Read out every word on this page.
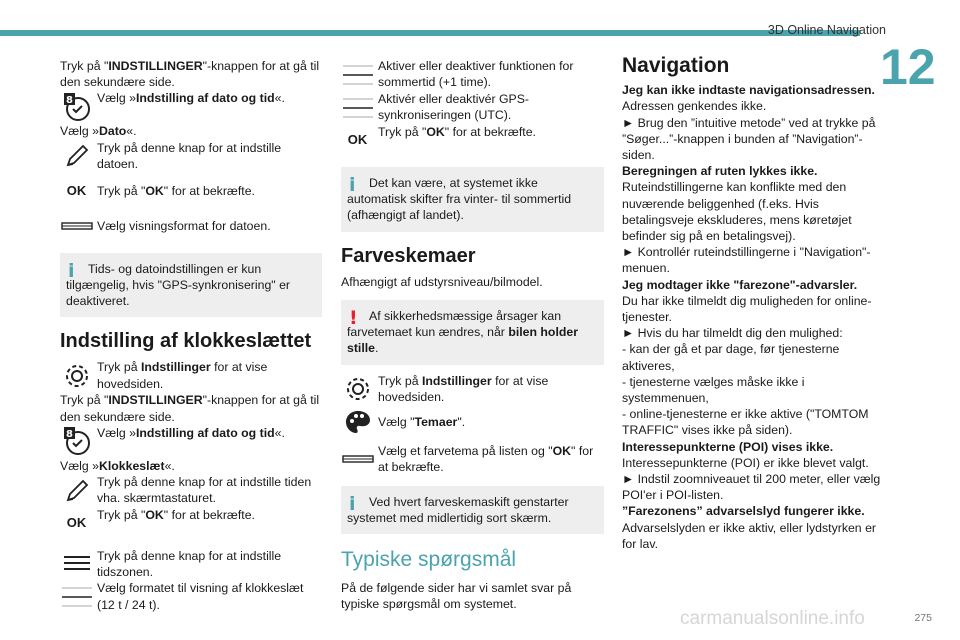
3D Online Navigation
12

Tryk på "INDSTILLINGER"-knappen for at gå til den sekundære side.

8 Vælg »Indstilling af dato og tid«.

Vælg »Dato«.

Tryk på denne knap for at indstille datoen.
OK Tryk på "OK" for at bekræfte.
Vælg visningsformat for datoen.
i	Tids- og datoindstillingen er kun tilgængelig, hvis "GPS-synkronisering" er deaktiveret.
Indstilling af klokkeslættet
Tryk på Indstillinger for at vise hovedsiden.

Tryk på "INDSTILLINGER"-knappen for at gå til den sekundære side.

8 Vælg »Indstilling af dato og tid«.

Vælg »Klokkeslæt«.

Tryk på denne knap for at indstille tiden vha. skærmtastaturet.
OK
Tryk på "OK" for at bekræfte.
Tryk på denne knap for at indstille tidszonen.
Vælg formatet til visning af klokkeslæt (12 t / 24 t).
Aktiver eller deaktiver funktionen for sommertid (+1 time).
Aktivér eller deaktivér GPS-synkroniseringen (UTC).
OK
Tryk på "OK" for at bekræfte.
i	Det kan være, at systemet ikke automatisk skifter fra vinter- til sommertid (afhængigt af landet).
Farveskemaer

Afhængigt af udstyrsniveau/bilmodel.

! Af sikkerhedsmæssige årsager kan farvetemaet kun ændres, når bilen holder stille.
Tryk på Indstillinger for at vise hovedsiden.
Vælg "Temaer".
Vælg et farvetema på listen og "OK" for at bekræfte.
i	Ved hvert farveskemaskift genstarter systemet med midlertidig sort skærm.
Typiske spørgsmål

På de følgende sider har vi samlet svar på typiske spørgsmål om systemet.

Navigation

Jeg kan ikke indtaste navigationsadressen.

Adressen genkendes ikke.

► Brug den ”intuitive metode” ved at trykke på ”Søger...”-knappen i bunden af ”Navigation”-siden.

Beregningen af ruten lykkes ikke.

Ruteindstillingerne kan konflikte med den nuværende beliggenhed (f.eks. Hvis betalingsveje ekskluderes, mens køretøjet befinder sig på en betalingsvej).

► Kontrollér ruteindstillingerne i "Navigation"-menuen.

Jeg modtager ikke "farezone"-advarsler.

Du har ikke tilmeldt dig muligheden for online-tjenester.

► Hvis du har tilmeldt dig den mulighed:

- kan der gå et par dage, før tjenesterne aktiveres,

- tjenesterne vælges måske ikke i systemmenuen,

- online-tjenesterne er ikke aktive ("TOMTOM TRAFFIC" vises ikke på siden).

Interessepunkterne (POI) vises ikke.

Interessepunkterne (POI) er ikke blevet valgt.

► Indstil zoomniveauet til 200 meter, eller vælg POI'er i POI-listen.

”Farezonens” advarselslyd fungerer ikke.

Advarselslyden er ikke aktiv, eller lydstyrken er for lav.

carmanualsonline.info	275
